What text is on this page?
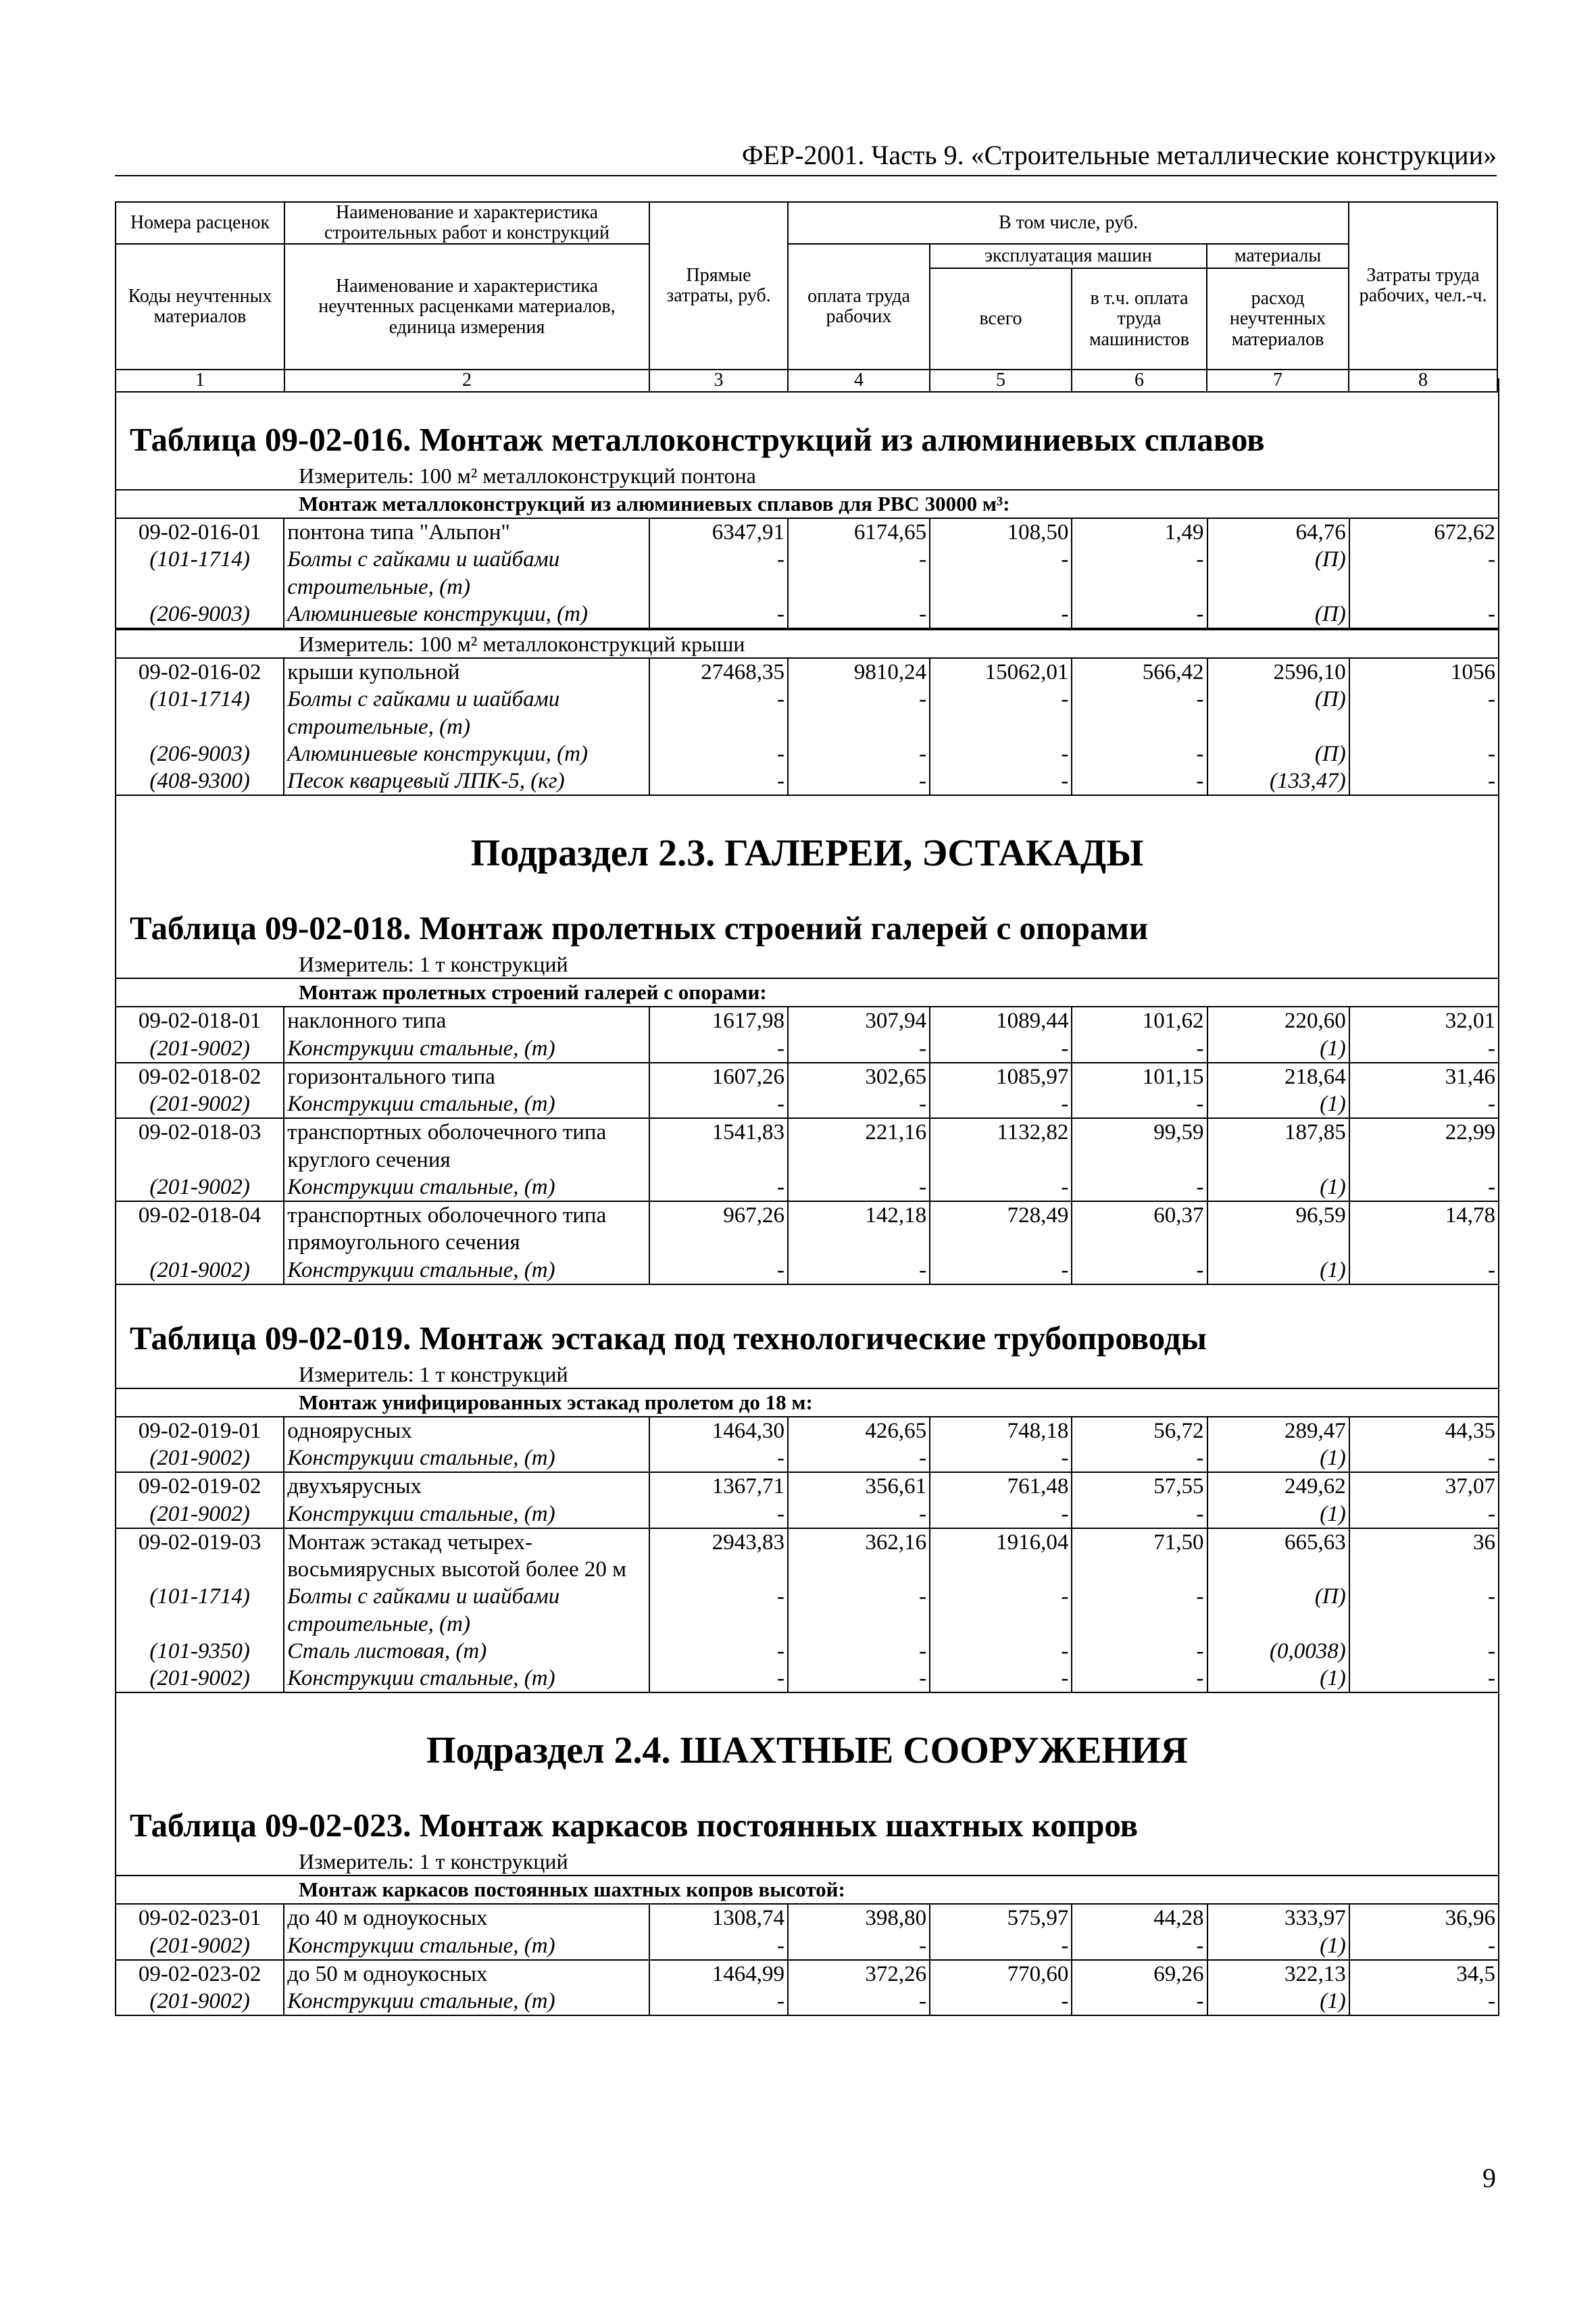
ФЕР-2001. Часть 9. «Строительные металлические конструкции»
Номера расценок	Наименование и характеристика строительных работ и конструкций	Прямые затраты, руб.	В том числе, руб.				Затраты труда рабочих, чел.-ч.
Коды неучтенных материалов	Наименование и характеристика неучтенных расценками материалов, единица измерения		оплата труда рабочих	эксплуатация машин		материалы	
				всего	в т.ч. оплата труда машинистов	расход неучтенных материалов	
1	2	3	4	5	6	7	8
Таблица 09-02-016. Монтаж металлоконструкций из алюминиевых сплавов
Измеритель: 100 м² металлоконструкций понтона
Монтаж металлоконструкций из алюминиевых сплавов для РВС 30000 м³:
09-02-016-01	понтона типа "Альпон"	6347,91	6174,65	108,50	1,49	64,76	672,62
(101-1714)	Болты с гайками и шайбами строительные, (т)	-	-	-	-	(П)	-
(206-9003)	Алюминиевые конструкции, (т)	-	-	-	-	(П)	-
Измеритель: 100 м² металлоконструкций крыши
09-02-016-02	крыши купольной	27468,35	9810,24	15062,01	566,42	2596,10	1056
(101-1714)	Болты с гайками и шайбами строительные, (т)	-	-	-	-	(П)	-
(206-9003)	Алюминиевые конструкции, (т)	-	-	-	-	(П)	-
(408-9300)	Песок кварцевый ЛПК-5, (кг)	-	-	-	-	(133,47)	-
Подраздел 2.3. ГАЛЕРЕИ, ЭСТАКАДЫ
Таблица 09-02-018. Монтаж пролетных строений галерей с опорами
Измеритель: 1 т конструкций
Монтаж пролетных строений галерей с опорами:
09-02-018-01	наклонного типа	1617,98	307,94	1089,44	101,62	220,60	32,01
(201-9002)	Конструкции стальные, (т)	-	-	-	-	(1)	-
09-02-018-02	горизонтального типа	1607,26	302,65	1085,97	101,15	218,64	31,46
(201-9002)	Конструкции стальные, (т)	-	-	-	-	(1)	-
09-02-018-03	транспортных оболочечного типа круглого сечения	1541,83	221,16	1132,82	99,59	187,85	22,99
(201-9002)	Конструкции стальные, (т)	-	-	-	-	(1)	-
09-02-018-04	транспортных оболочечного типа прямоугольного сечения	967,26	142,18	728,49	60,37	96,59	14,78
(201-9002)	Конструкции стальные, (т)	-	-	-	-	(1)	-
Таблица 09-02-019. Монтаж эстакад под технологические трубопроводы
Измеритель: 1 т конструкций
Монтаж унифицированных эстакад пролетом до 18 м:
09-02-019-01	одноярусных	1464,30	426,65	748,18	56,72	289,47	44,35
(201-9002)	Конструкции стальные, (т)	-	-	-	-	(1)	-
09-02-019-02	двухъярусных	1367,71	356,61	761,48	57,55	249,62	37,07
(201-9002)	Конструкции стальные, (т)	-	-	-	-	(1)	-
09-02-019-03	Монтаж эстакад четырех-восьмиярусных высотой более 20 м	2943,83	362,16	1916,04	71,50	665,63	36
(101-1714)	Болты с гайками и шайбами строительные, (т)	-	-	-	-	(П)	-
(101-9350)	Сталь листовая, (т)	-	-	-	-	(0,0038)	-
(201-9002)	Конструкции стальные, (т)	-	-	-	-	(1)	-
Подраздел 2.4. ШАХТНЫЕ СООРУЖЕНИЯ
Таблица 09-02-023. Монтаж каркасов постоянных шахтных копров
Измеритель: 1 т конструкций
Монтаж каркасов постоянных шахтных копров высотой:
09-02-023-01	до 40 м одноукосных	1308,74	398,80	575,97	44,28	333,97	36,96
(201-9002)	Конструкции стальные, (т)	-	-	-	-	(1)	-
09-02-023-02	до 50 м одноукосных	1464,99	372,26	770,60	69,26	322,13	34,5
(201-9002)	Конструкции стальные, (т)	-	-	-	-	(1)	-
9
